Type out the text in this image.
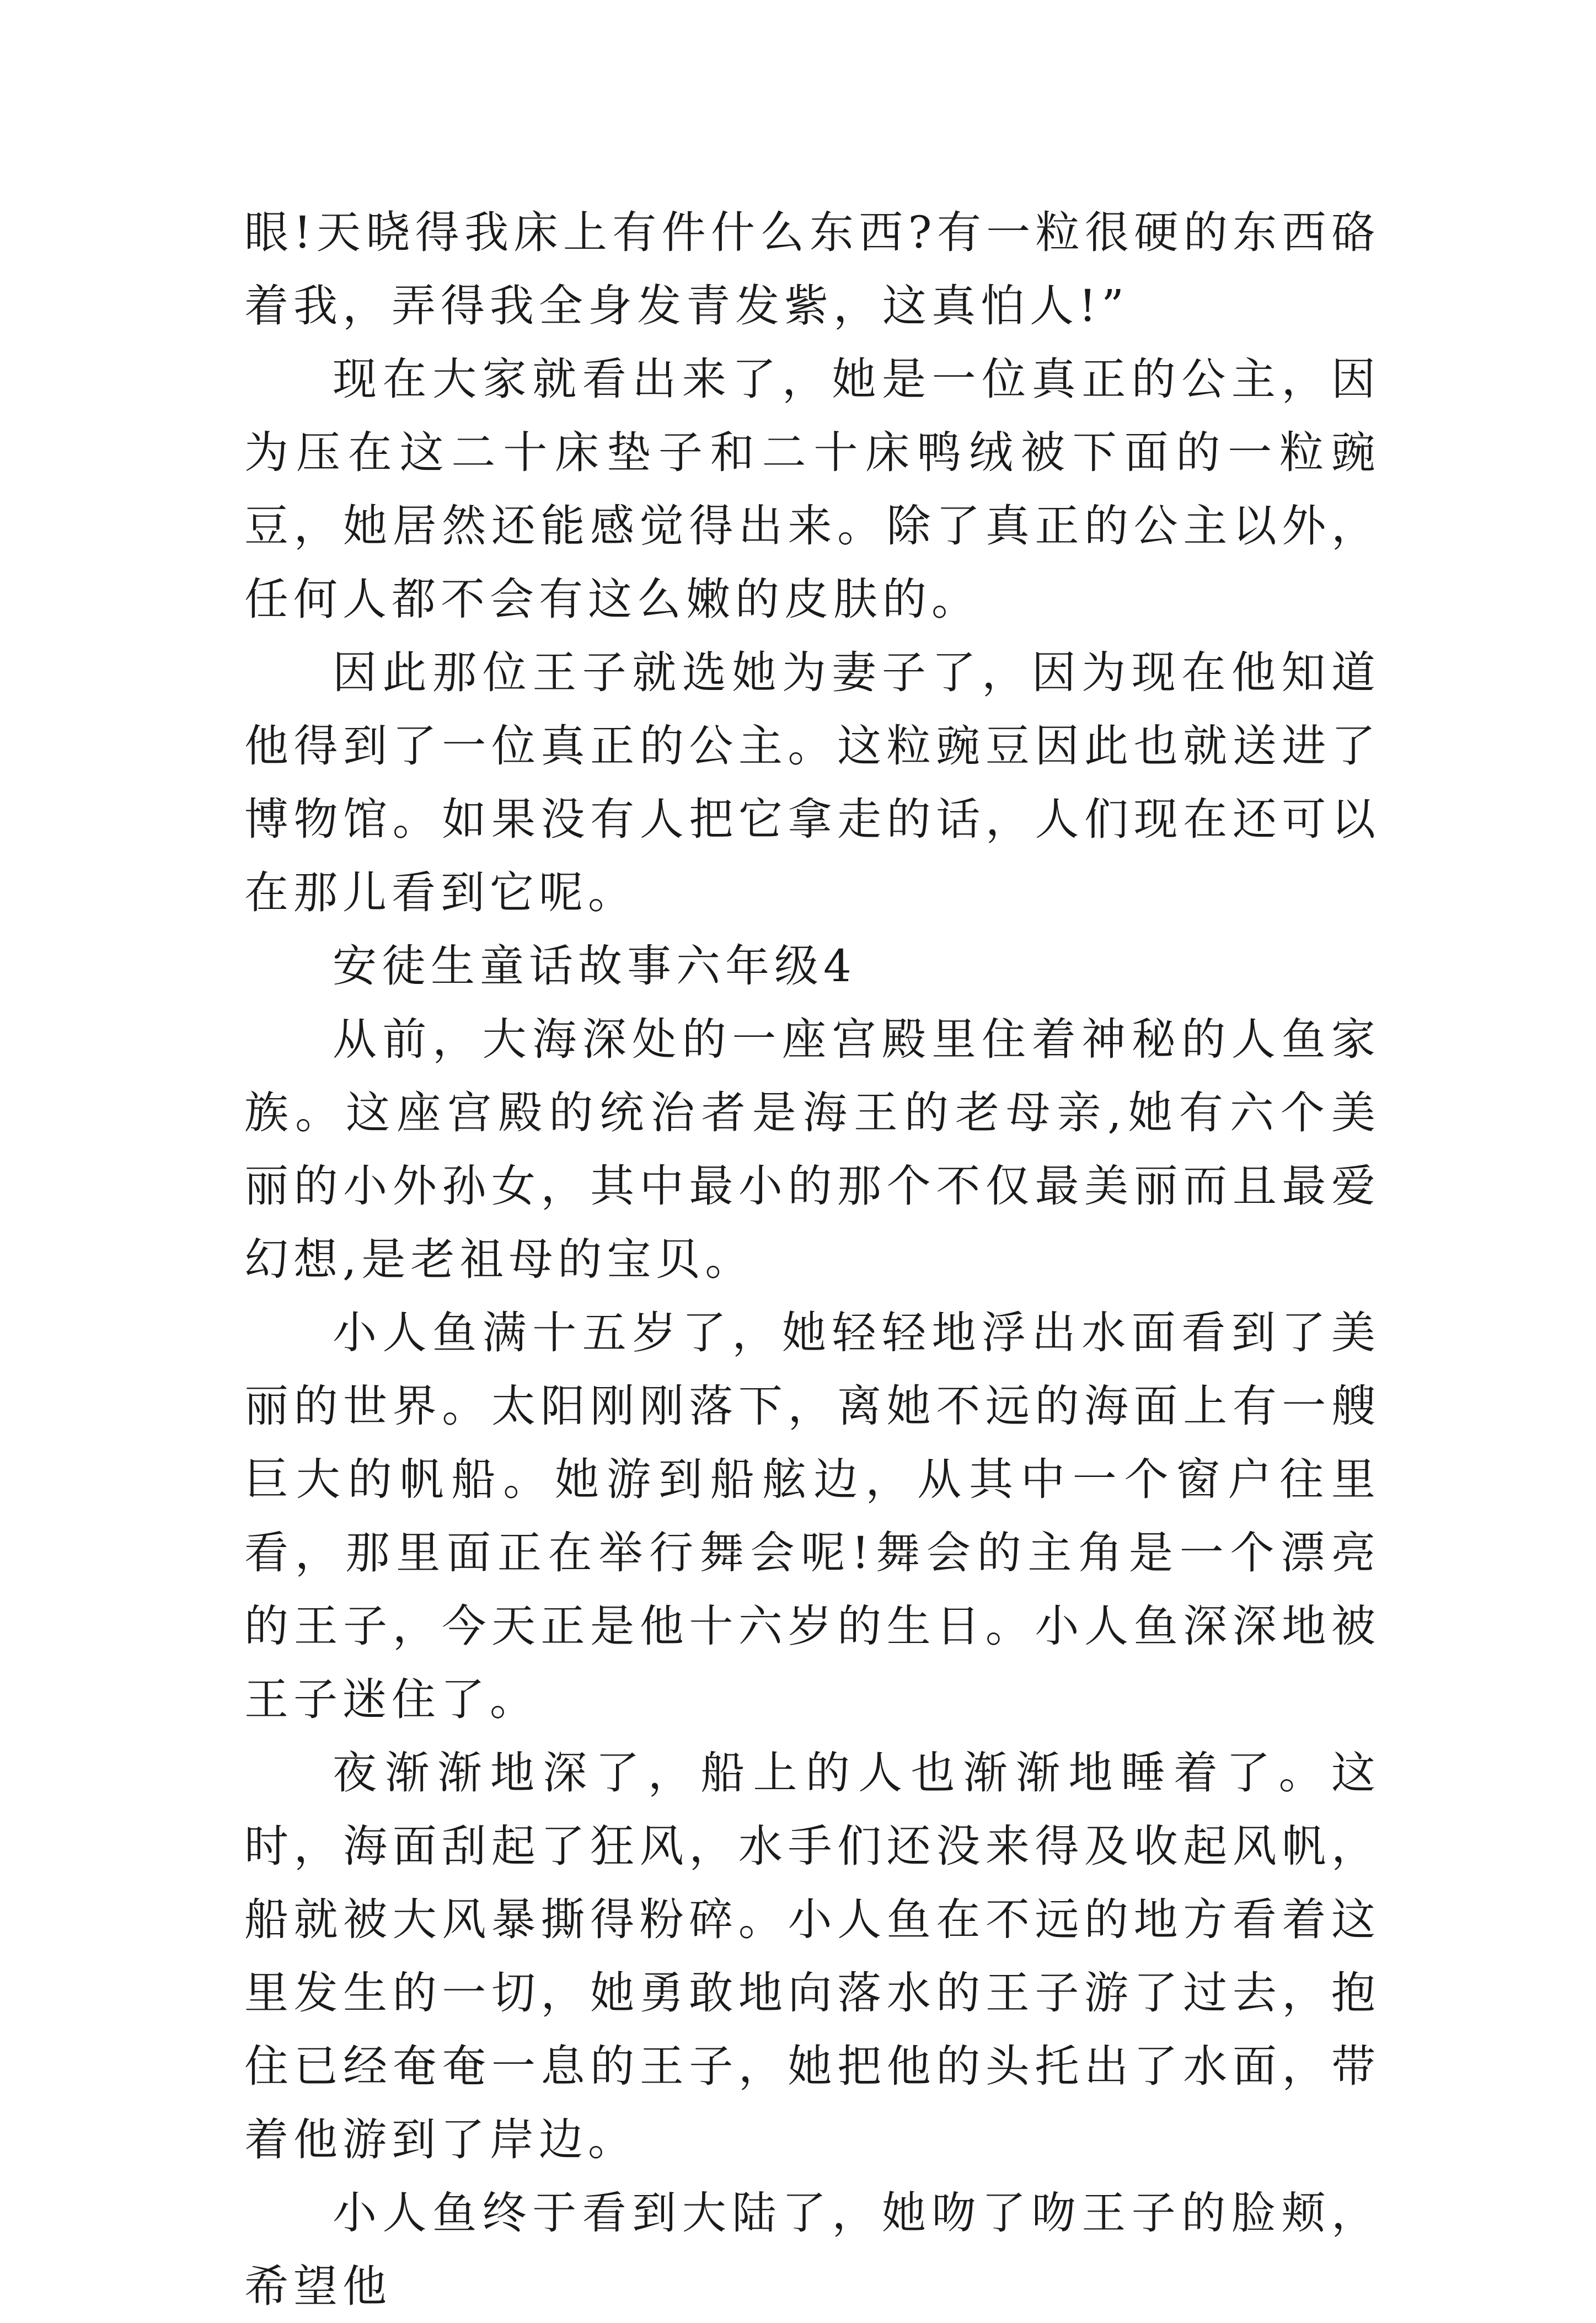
眼!天晓得我床上有件什么东西?有一粒很硬的东西硌着我，弄得我全身发青发紫，这真怕人!”

现在大家就看出来了，她是一位真正的公主，因为压在这二十床垫子和二十床鸭绒被下面的一粒豌豆，她居然还能感觉得出来。除了真正的公主以外，任何人都不会有这么嫩的皮肤的。

因此那位王子就选她为妻子了，因为现在他知道他得到了一位真正的公主。这粒豌豆因此也就送进了博物馆。如果没有人把它拿走的话，人们现在还可以在那儿看到它呢。

安徒生童话故事六年级4

从前，大海深处的一座宫殿里住着神秘的人鱼家族。这座宫殿的统治者是海王的老母亲,她有六个美丽的小外孙女，其中最小的那个不仅最美丽而且最爱幻想,是老祖母的宝贝。

小人鱼满十五岁了，她轻轻地浮出水面看到了美丽的世界。太阳刚刚落下，离她不远的海面上有一艘巨大的帆船。她游到船舷边，从其中一个窗户往里看，那里面正在举行舞会呢!舞会的主角是一个漂亮的王子，今天正是他十六岁的生日。小人鱼深深地被王子迷住了。

夜渐渐地深了，船上的人也渐渐地睡着了。这时，海面刮起了狂风，水手们还没来得及收起风帆，船就被大风暴撕得粉碎。小人鱼在不远的地方看着这里发生的一切，她勇敢地向落水的王子游了过去，抱住已经奄奄一息的王子，她把他的头托出了水面，带着他游到了岸边。

小人鱼终于看到大陆了，她吻了吻王子的脸颊，希望他
